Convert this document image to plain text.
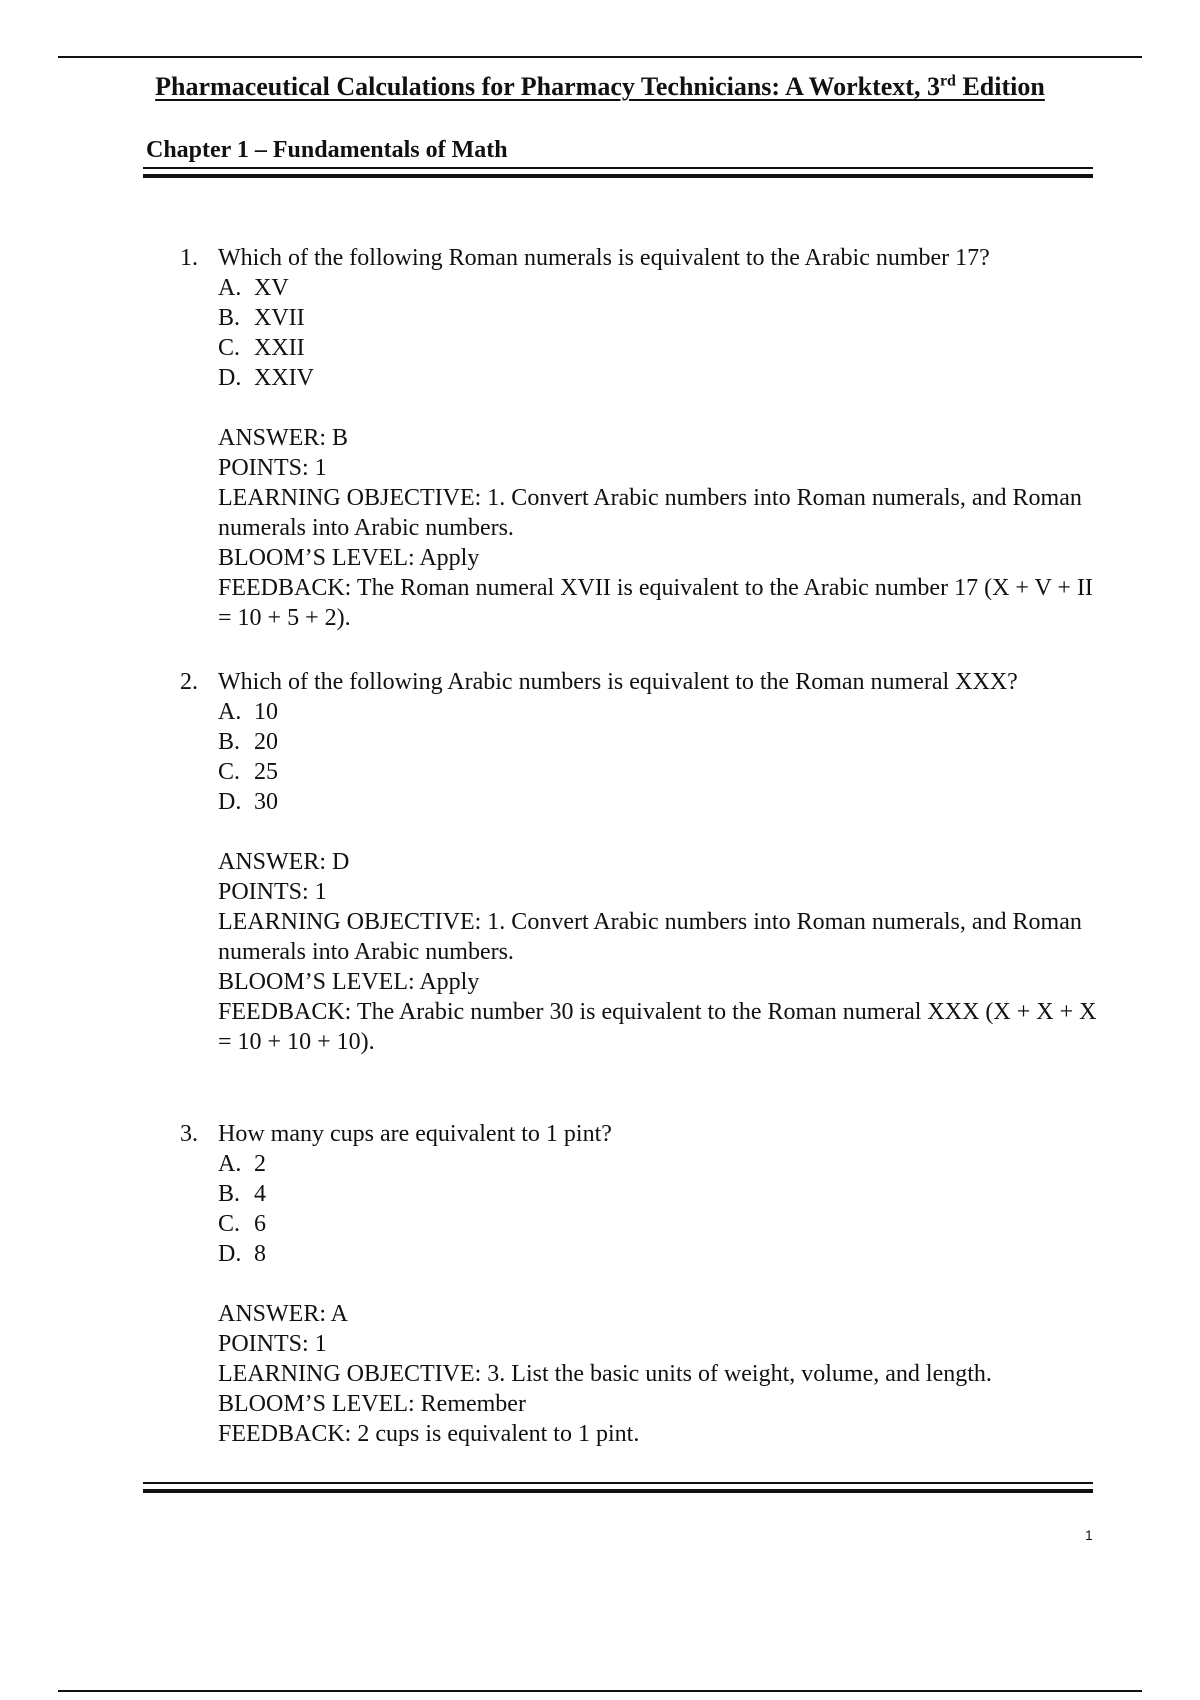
Pharmaceutical Calculations for Pharmacy Technicians: A Worktext, 3rd Edition
Chapter 1 – Fundamentals of Math
1. Which of the following Roman numerals is equivalent to the Arabic number 17?
A. XV
B. XVII
C. XXII
D. XXIV
ANSWER: B
POINTS: 1
LEARNING OBJECTIVE: 1. Convert Arabic numbers into Roman numerals, and Roman numerals into Arabic numbers.
BLOOM’S LEVEL: Apply
FEEDBACK: The Roman numeral XVII is equivalent to the Arabic number 17 (X + V + II = 10 + 5 + 2).
2. Which of the following Arabic numbers is equivalent to the Roman numeral XXX?
A. 10
B. 20
C. 25
D. 30
ANSWER: D
POINTS: 1
LEARNING OBJECTIVE: 1. Convert Arabic numbers into Roman numerals, and Roman numerals into Arabic numbers.
BLOOM’S LEVEL: Apply
FEEDBACK: The Arabic number 30 is equivalent to the Roman numeral XXX (X + X + X = 10 + 10 + 10).
3. How many cups are equivalent to 1 pint?
A. 2
B. 4
C. 6
D. 8
ANSWER: A
POINTS: 1
LEARNING OBJECTIVE: 3. List the basic units of weight, volume, and length.
BLOOM’S LEVEL: Remember
FEEDBACK: 2 cups is equivalent to 1 pint.
1
